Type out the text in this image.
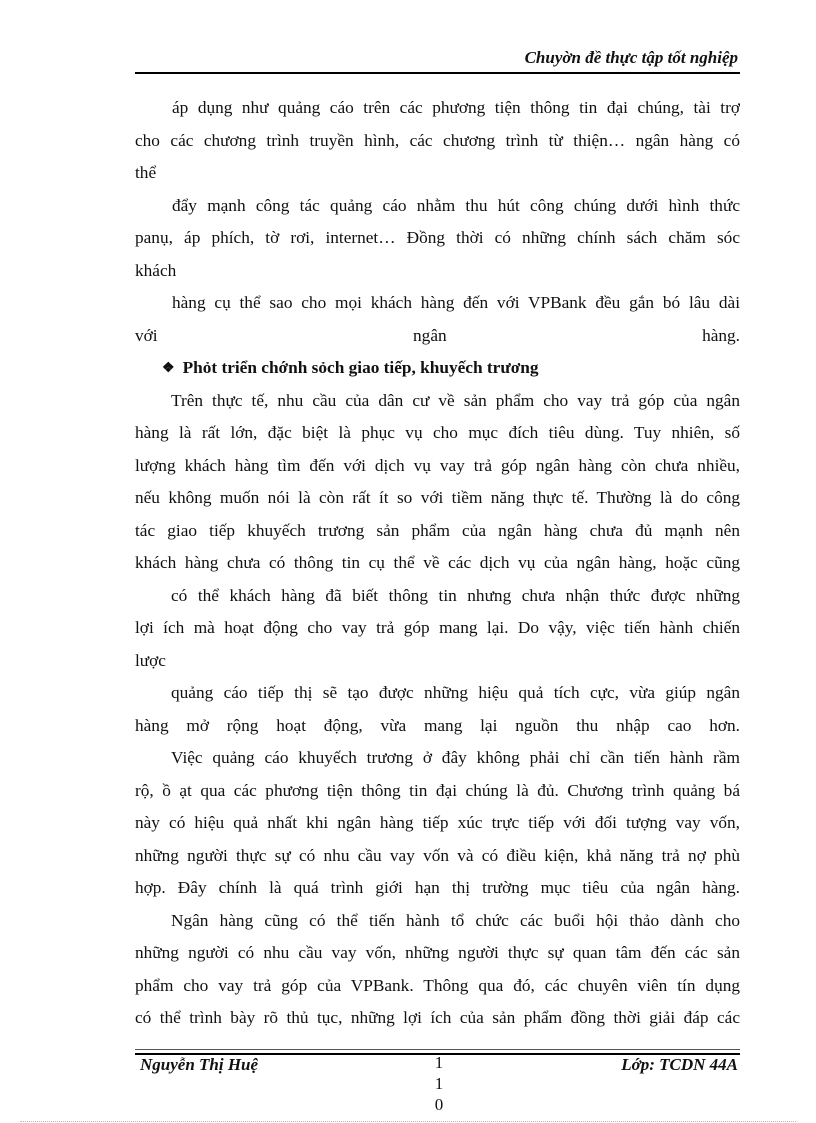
Chuyờn đề thực tập tốt nghiệp
áp dụng như quảng cáo trên các phương tiện thông tin đại chúng, tài trợ
cho các chương trình truyền hình, các chương trình từ thiện… ngân hàng có
thể
đẩy mạnh công tác quảng cáo nhằm thu hút công chúng dưới hình thức
panụ, áp phích, tờ rơi, internet… Đồng thời có những chính sách chăm sóc
khách
hàng cụ thể sao cho mọi khách hàng đến với VPBank đều gắn bó lâu dài
với ngân hàng.
❖ Phỏt triển chớnh sỏch giao tiếp, khuyếch trương
Trên thực tế, nhu cầu của dân cư về sản phẩm cho vay trả góp của ngân
hàng là rất lớn, đặc biệt là phục vụ cho mục đích tiêu dùng. Tuy nhiên, số
lượng khách hàng tìm đến với dịch vụ vay trả góp ngân hàng còn chưa nhiều,
nếu không muốn nói là còn rất ít so với tiềm năng thực tế. Thường là do công
tác giao tiếp khuyếch trương sản phẩm của ngân hàng chưa đủ mạnh nên
khách hàng chưa có thông tin cụ thể về các dịch vụ của ngân hàng, hoặc cũng
có thể khách hàng đã biết thông tin nhưng chưa nhận thức được những
lợi ích mà hoạt động cho vay trả góp mang lại. Do vậy, việc tiến hành chiến
lược
quảng cáo tiếp thị sẽ tạo được những hiệu quả tích cực, vừa giúp ngân
hàng mở rộng hoạt động, vừa mang lại nguồn thu nhập cao hơn.
Việc quảng cáo khuyếch trương ở đây không phải chỉ cần tiến hành rầm
rộ, ồ ạt qua các phương tiện thông tin đại chúng là đủ. Chương trình quảng bá
này có hiệu quả nhất khi ngân hàng tiếp xúc trực tiếp với đối tượng vay vốn,
những người thực sự có nhu cầu vay vốn và có điều kiện, khả năng trả nợ phù
hợp. Đây chính là quá trình giới hạn thị trường mục tiêu của ngân hàng.
Ngân hàng cũng có thể tiến hành tổ chức các buổi hội thảo dành cho
những người có nhu cầu vay vốn, những người thực sự quan tâm đến các sản
phẩm cho vay trả góp của VPBank. Thông qua đó, các chuyên viên tín dụng
có thể trình bày rõ thủ tục, những lợi ích của sản phẩm đồng thời giải đáp các
Nguyễn Thị Huệ	1
1
0
Lớp: TCDN 44A
